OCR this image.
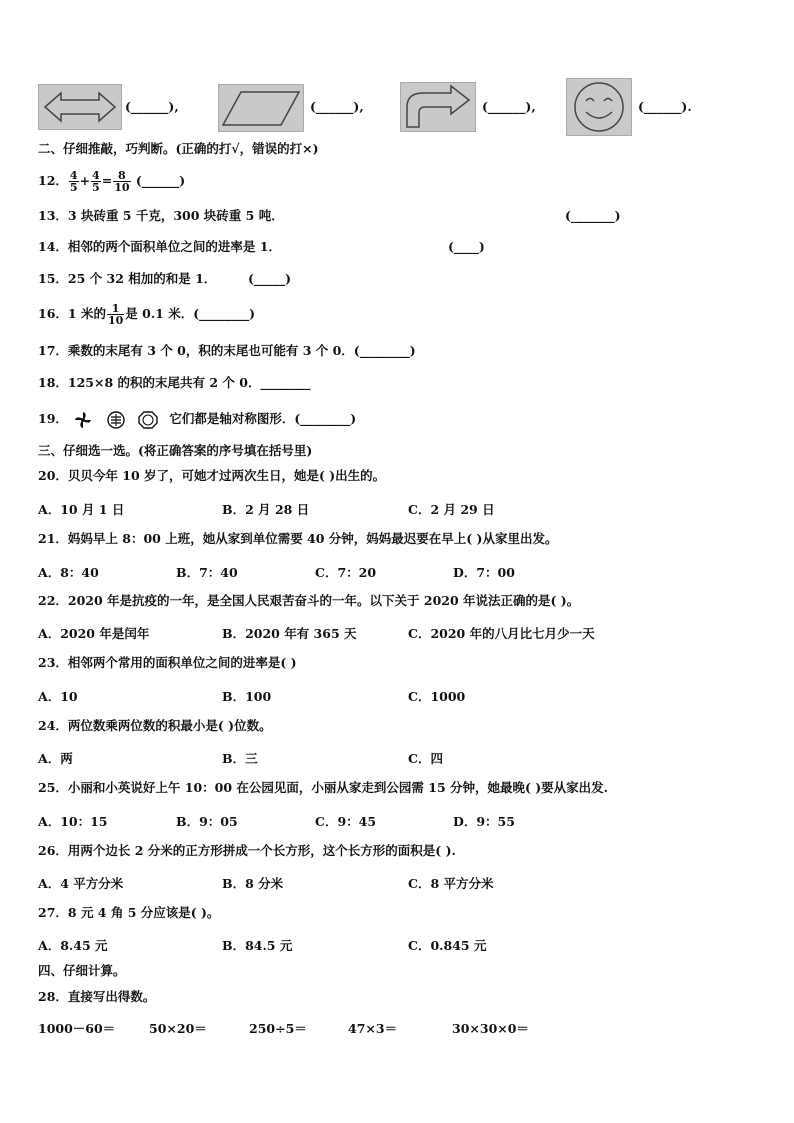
(______),	(______),	(______),	(______).
二、仔细推敲，巧判断。(正确的打√，错误的打×)
12． $\frac{4}{5} + \frac{4}{5} = \frac{8}{10}$ (______)
13．3 块砖重 5 千克，300 块砖重 5 吨．	(_______)
14．相邻的两个面积单位之间的进率是 1．	(____)
15．25 个 32 相加的和是 1．	(_____)
16．1 米的 $\frac{1}{10}$ 是 0.1 米．(________)
17．乘数的末尾有 3 个 0，积的末尾也可能有 3 个 0．(________)
18．125×8 的积的末尾共有 2 个 0．________
19．	它们都是轴对称图形．(________)
三、仔细选一选。(将正确答案的序号填在括号里)
20．贝贝今年 10 岁了，可她才过两次生日，她是( )出生的。
A．10 月 1 日	B．2 月 28 日	C．2 月 29 日
21．妈妈早上 8：00 上班，她从家到单位需要 40 分钟，妈妈最迟要在早上( )从家里出发。
A．8：40	B．7：40	C．7：20	D．7：00
22．2020 年是抗疫的一年，是全国人民艰苦奋斗的一年。以下关于 2020 年说法正确的是( )。
A．2020 年是闰年	B．2020 年有 365 天	C．2020 年的八月比七月少一天
23．相邻两个常用的面积单位之间的进率是( )
A．10	B．100	C．1000
24．两位数乘两位数的积最小是( )位数。
A．两	B．三	C．四
25．小丽和小英说好上午 10：00 在公园见面，小丽从家走到公园需 15 分钟，她最晚( )要从家出发.
A．10：15	B．9：05	C．9：45	D．9：55
26．用两个边长 2 分米的正方形拼成一个长方形，这个长方形的面积是( ).
A．4 平方分米	B．8 分米	C．8 平方分米
27．8 元 4 角 5 分应该是( )。
A．8.45 元	B．84.5 元	C．0.845 元
四、仔细计算。
28．直接写出得数。
1000－60＝	50×20＝	250÷5＝	47×3＝	30×30×0＝
